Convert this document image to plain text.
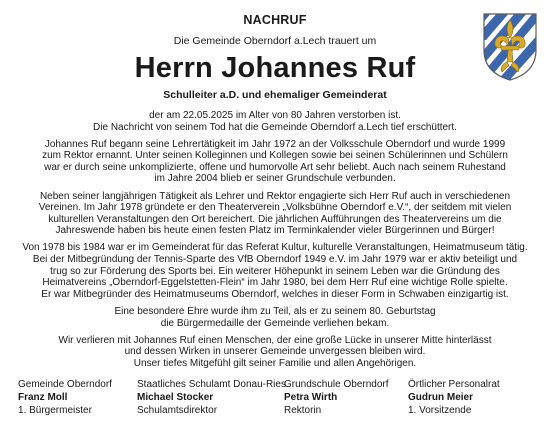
NACHRUF
Die Gemeinde Oberndorf a.Lech trauert um
Herrn Johannes Ruf
Schulleiter a.D. und ehemaliger Gemeinderat

der am 22.05.2025 im Alter von 80 Jahren verstorben ist.
Die Nachricht von seinem Tod hat die Gemeinde Oberndorf a.Lech tief erschüttert.

Johannes Ruf begann seine Lehrertätigkeit im Jahr 1972 an der Volksschule Oberndorf und wurde 1999
zum Rektor ernannt. Unter seinen Kolleginnen und Kollegen sowie bei seinen Schülerinnen und Schülern
war er durch seine unkomplizierte, offene und humorvolle Art sehr beliebt. Auch nach seinem Ruhestand
im Jahre 2004 blieb er seiner Grundschule verbunden.

Neben seiner langjährigen Tätigkeit als Lehrer und Rektor engagierte sich Herr Ruf auch in verschiedenen
Vereinen. Im Jahr 1978 gründete er den Theaterverein „Volksbühne Oberndorf e.V.“, der seitdem mit vielen
kulturellen Veranstaltungen den Ort bereichert. Die jährlichen Aufführungen des Theatervereins um die
Jahreswende haben bis heute einen festen Platz im Terminkalender vieler Bürgerinnen und Bürger!

Von 1978 bis 1984 war er im Gemeinderat für das Referat Kultur, kulturelle Veranstaltungen, Heimatmuseum tätig.
Bei der Mitbegründung der Tennis-Sparte des VfB Oberndorf 1949 e.V. im Jahr 1979 war er aktiv beteiligt und
trug so zur Förderung des Sports bei. Ein weiterer Höhepunkt in seinem Leben war die Gründung des
Heimatvereins „Oberndorf-Eggelstetten-Flein“ im Jahr 1980, bei dem Herr Ruf eine wichtige Rolle spielte.
Er war Mitbegründer des Heimatmuseums Oberndorf, welches in dieser Form in Schwaben einzigartig ist.

Eine besondere Ehre wurde ihm zu Teil, als er zu seinem 80. Geburtstag
die Bürgermedaille der Gemeinde verliehen bekam.

Wir verlieren mit Johannes Ruf einen Menschen, der eine große Lücke in unserer Mitte hinterlässt
und dessen Wirken in unserer Gemeinde unvergessen bleiben wird.
Unser tiefes Mitgefühl gilt seiner Familie und allen Angehörigen.

Gemeinde Oberndorf
Franz Moll
1. Bürgermeister
Staatliches Schulamt Donau-Ries
Michael Stocker
Schulamtsdirektor
Grundschule Oberndorf
Petra Wirth
Rektorin
Örtlicher Personalrat
Gudrun Meier
1. Vorsitzende
